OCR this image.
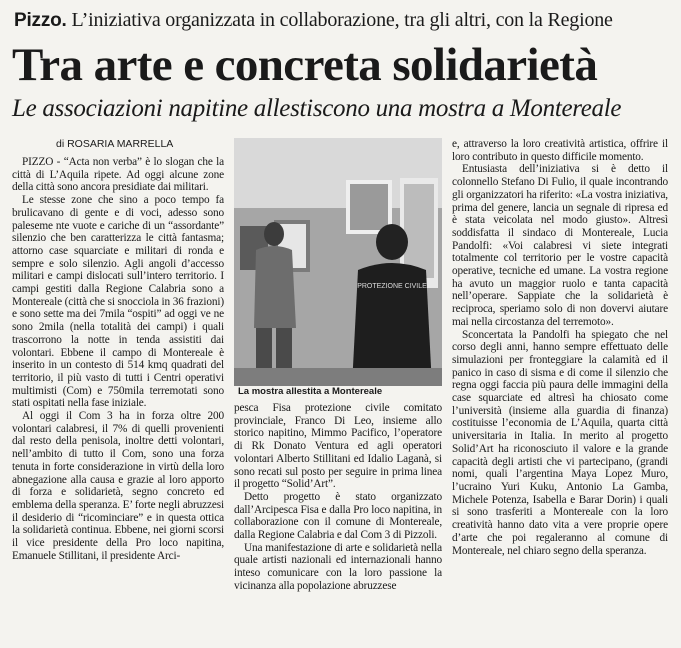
Pizzo. L’iniziativa organizzata in collaborazione, tra gli altri, con la Regione
Tra arte e concreta solidarietà
Le associazioni napitine allestiscono una mostra a Montereale
di ROSARIA MARRELLA

PIZZO - “Acta non verba” è lo slogan che la città di L’Aquila ripete. Ad oggi alcune zone della città sono ancora presidiate dai militari.

Le stesse zone che sino a poco tempo fa brulicavano di gente e di voci, adesso sono paleseme nte vuote e cariche di un “assordante” silenzio che ben caratterizza le città fantasma; attorno case squarciate e militari di ronda e sempre e solo silenzio. Agli angoli d’accesso militari e campi dislocati sull’intero territorio. I campi gestiti dalla Regione Calabria sono a Montereale (città che si snocciola in 36 frazioni) e sono sette ma dei 7mila “ospiti” ad oggi ve ne sono 2mila (nella totalità dei campi) i quali trascorrono la notte in tenda assistiti dai volontari. Ebbene il campo di Montereale è inserito in un contesto di 514 kmq quadrati del territorio, il più vasto di tutti i Centri operativi multimisti (Com) e 750mila terremotati sono stati ospitati nella fase iniziale.

Al oggi il Com 3 ha in forza oltre 200 volontari calabresi, il 7% di quelli provenienti dal resto della penisola, inoltre detti volontari, nell’ambito di tutto il Com, sono una forza tenuta in forte considerazione in virtù della loro abnegazione alla causa e grazie al loro apporto di forza e solidarietà, segno concreto ed emblema della speranza. E’ forte negli abruzzesi il desiderio di “ricominciare” e in questa ottica la solidarietà continua. Ebbene, nei giorni scorsi il vice presidente della Pro loco napitina, Emanuele Stillitani, il presidente Arci-

PROTEZIONE CIVILE
La mostra allestita a Montereale

pesca Fisa protezione civile comitato provinciale, Franco Di Leo, insieme allo storico napitino, Mimmo Pacifico, l’operatore di Rk Donato Ventura ed agli operatori volontari Alberto Stillitani ed Idalio Laganà, si sono recati sul posto per seguire in prima linea il progetto “Solid’Art”.

Detto progetto è stato organizzato dall’Arcipesca Fisa e dalla Pro loco napitina, in collaborazione con il comune di Montereale, dalla Regione Calabria e dal Com 3 di Pizzoli.

Una manifestazione di arte e solidarietà nella quale artisti nazionali ed internazionali hanno inteso comunicare con la loro passione la vicinanza alla popolazione abruzzese

e, attraverso la loro creatività artistica, offrire il loro contributo in questo difficile momento.

Entusiasta dell’iniziativa si è detto il colonnello Stefano Di Fulio, il quale incontrando gli organizzatori ha riferito: «La vostra iniziativa, prima del genere, lancia un segnale di ripresa ed è stata veicolata nel modo giusto». Altresì soddisfatta il sindaco di Montereale, Lucia Pandolfi: «Voi calabresi vi siete integrati totalmente col territorio per le vostre capacità operative, tecniche ed umane. La vostra regione ha avuto un maggior ruolo e tanta capacità nell’operare. Sappiate che la solidarietà è reciproca, speriamo solo di non dovervi aiutare mai nella circostanza del terremoto».

Sconcertata la Pandolfi ha spiegato che nel corso degli anni, hanno sempre effettuato delle simulazioni per fronteggiare la calamità ed il panico in caso di sisma e di come il silenzio che regna oggi faccia più paura delle immagini della case squarciate ed altresì ha chiosato come l’università (insieme alla guardia di finanza) costituisse l’economia de L’Aquila, quarta città universitaria in Italia. In merito al progetto Solid’Art ha riconosciuto il valore e la grande capacità degli artisti che vi partecipano, (grandi nomi, quali l’argentina Maya Lopez Muro, l’ucraino Yuri Kuku, Antonio La Gamba, Michele Potenza, Isabella e Barar Dorin) i quali si sono trasferiti a Montereale con la loro creatività hanno dato vita a vere proprie opere d’arte che poi regaleranno al comune di Montereale, nel chiaro segno della speranza.
